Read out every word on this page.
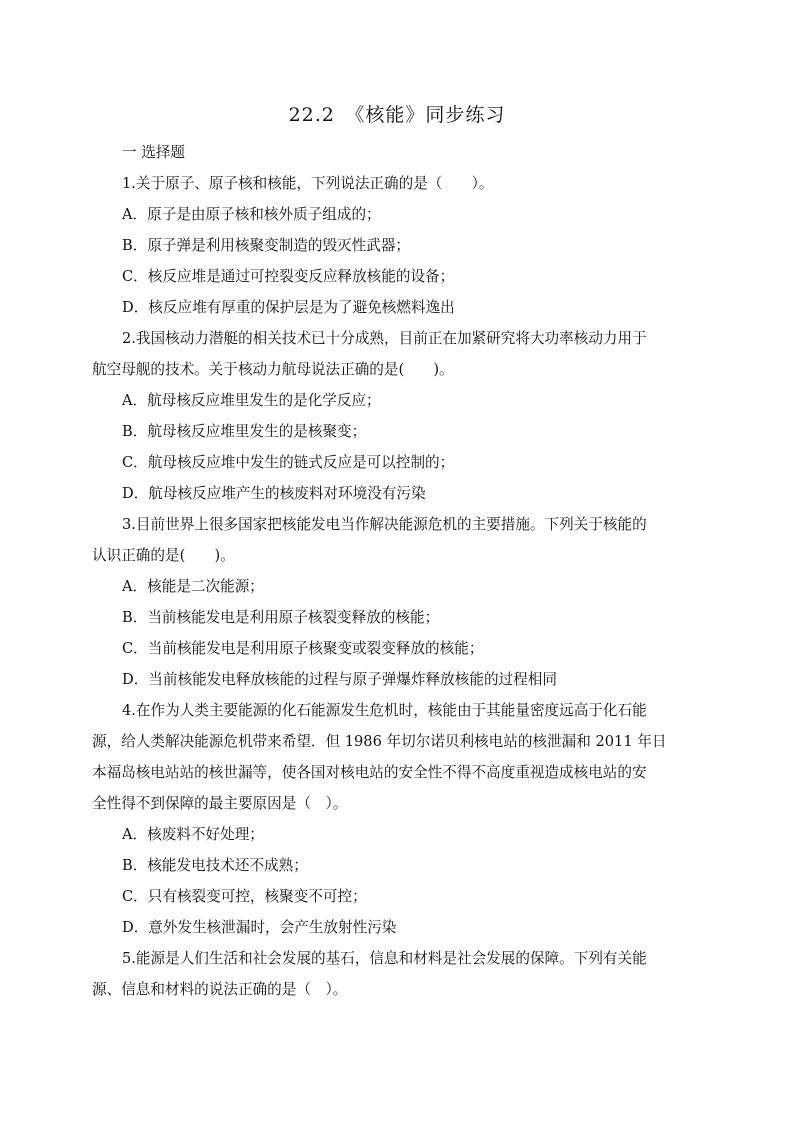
22.2　《核能》同步练习
一 选择题
1.关于原子、原子核和核能，下列说法正确的是（　　）。
A．原子是由原子核和核外质子组成的；
B．原子弹是利用核聚变制造的毁灭性武器；
C．核反应堆是通过可控裂变反应释放核能的设备；
D．核反应堆有厚重的保护层是为了避免核燃料逸出
2.我国核动力潜艇的相关技术已十分成熟，目前正在加紧研究将大功率核动力用于
航空母舰的技术。关于核动力航母说法正确的是(　　)。
A．航母核反应堆里发生的是化学反应；
B．航母核反应堆里发生的是核聚变；
C．航母核反应堆中发生的链式反应是可以控制的；
D．航母核反应堆产生的核废料对环境没有污染
3.目前世界上很多国家把核能发电当作解决能源危机的主要措施。下列关于核能的
认识正确的是(　　)。
A．核能是二次能源；
B．当前核能发电是利用原子核裂变释放的核能；
C．当前核能发电是利用原子核聚变或裂变释放的核能；
D．当前核能发电释放核能的过程与原子弹爆炸释放核能的过程相同
4.在作为人类主要能源的化石能源发生危机时，核能由于其能量密度远高于化石能
源，给人类解决能源危机带来希望．但 1986 年切尔诺贝利核电站的核泄漏和 2011 年日
本福岛核电站站的核世漏等，使各国对核电站的安全性不得不高度重视造成核电站的安
全性得不到保障的最主要原因是（　）。
A．核废料不好处理；
B．核能发电技术还不成熟；
C．只有核裂变可控，核聚变不可控；
D．意外发生核泄漏时，会产生放射性污染
5.能源是人们生活和社会发展的基石，信息和材料是社会发展的保障。下列有关能
源、信息和材料的说法正确的是（　）。
